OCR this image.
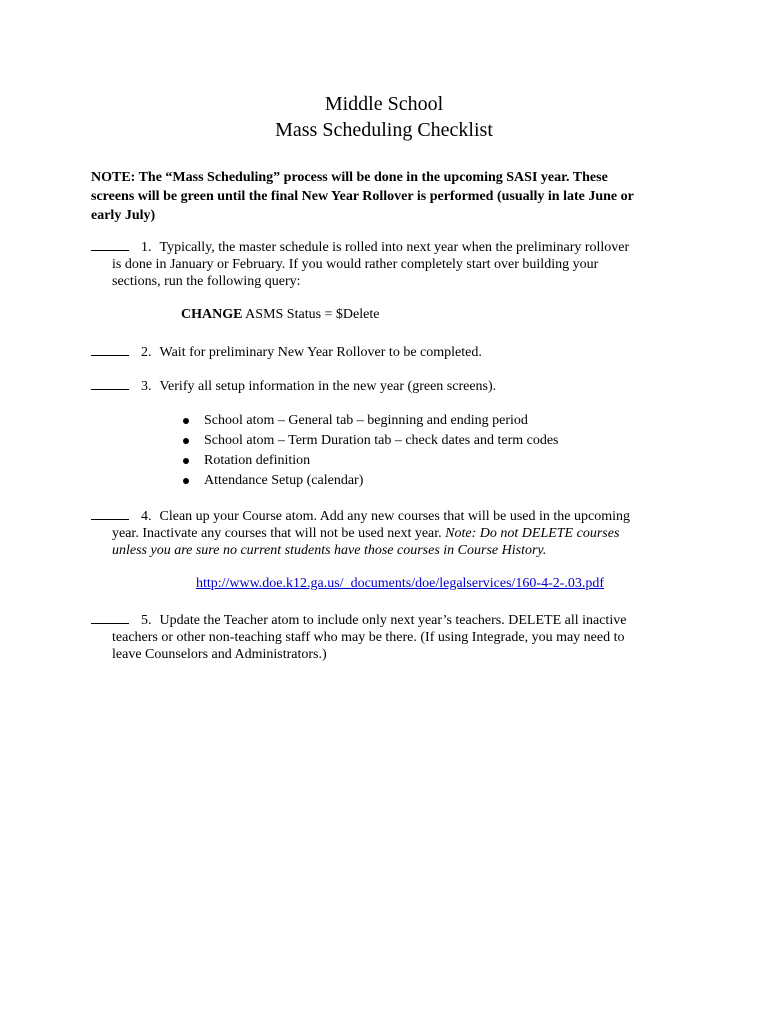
Middle School
Mass Scheduling Checklist
NOTE: The “Mass Scheduling” process will be done in the upcoming SASI year. These
screens will be green until the final New Year Rollover is performed (usually in late June or
early July)
1. Typically, the master schedule is rolled into next year when the preliminary rollover
is done in January or February. If you would rather completely start over building your
sections, run the following query:
CHANGE ASMS Status = $Delete
2. Wait for preliminary New Year Rollover to be completed.
3. Verify all setup information in the new year (green screens).
School atom – General tab – beginning and ending period
School atom – Term Duration tab – check dates and term codes
Rotation definition
Attendance Setup (calendar)
4. Clean up your Course atom. Add any new courses that will be used in the upcoming
year. Inactivate any courses that will not be used next year. Note: Do not DELETE courses
unless you are sure no current students have those courses in Course History.
http://www.doe.k12.ga.us/_documents/doe/legalservices/160-4-2-.03.pdf
5. Update the Teacher atom to include only next year’s teachers. DELETE all inactive
teachers or other non-teaching staff who may be there. (If using Integrade, you may need to
leave Counselors and Administrators.)
